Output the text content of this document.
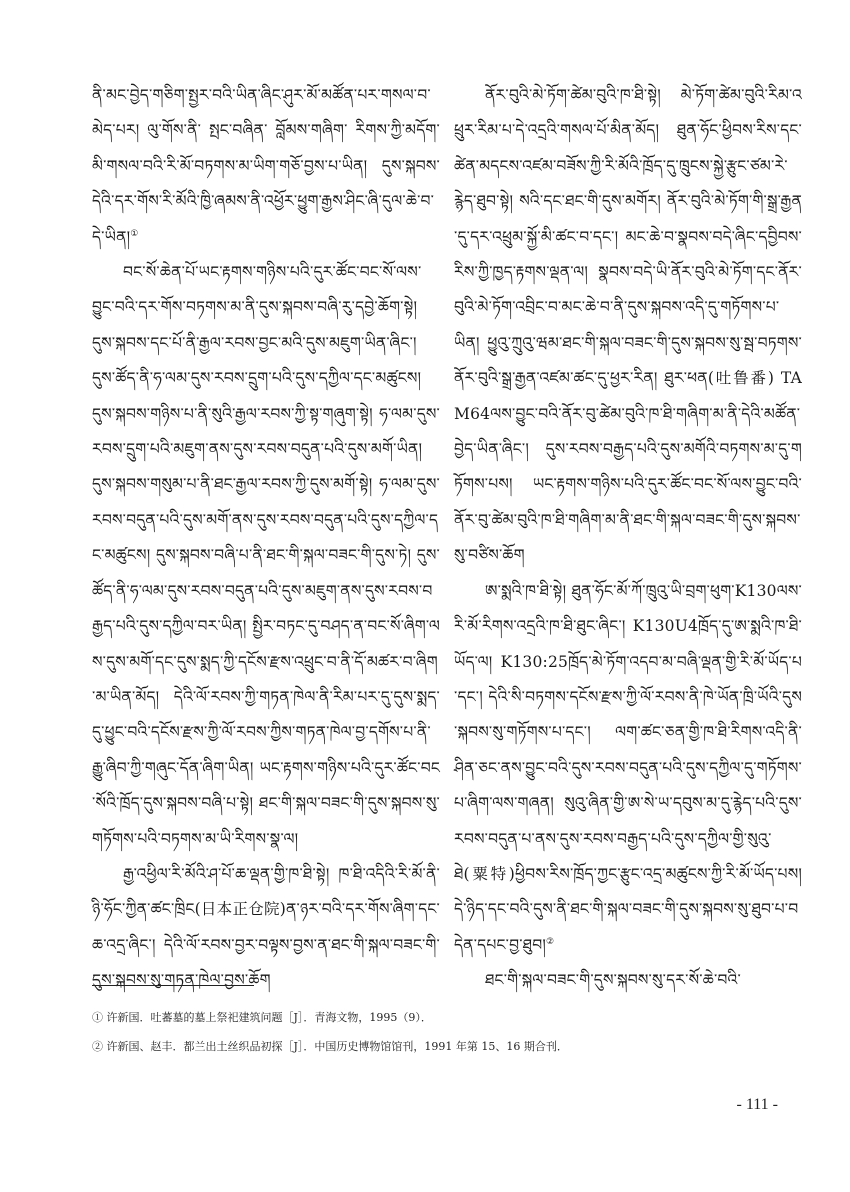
ནི་མང་བྱེད་གཅིག་སྤྱར་བའི་ཡིན་ཞིང་ཤུར་མོ་མཚོན་པར་གསལ་བ་མེད་པར། ལུ་གོས་ནི་ སྤང་བཞིན་ བློམས་གཞིག་ རིགས་ཀྱི་མདོག་མི་གསལ་བའི་རི་མོ་བཏགས་མ་ཡིག་གཅོ་བྱས་པ་ཡིན། དུས་སྐབས་དེའི་དར་གོས་རི་མོའི་ཁྱི་ཞམས་ནི་འཕྱོར་ཕྱུག་རྒྱས་ཤིང་ཞི་དུལ་ཆེ་བ་དེ་ཡིན།①

བང་སོ་ཆེན་པོ་ཡང་རྟགས་གཉིས་པའི་དུར་ཚོང་བང་སོ་ལས་བྱུང་བའི་དར་གོས་བཏགས་མ་ནི་དུས་སྐབས་བཞི་རུ་དབྱེ་ཆོག་སྟེ། དུས་སྐབས་དང་པོ་ནི་རྒྱལ་རབས་བྱང་མའི་དུས་མཇུག་ཡིན་ཞིང་། དུས་ཚོད་ནི་ཧ་ལམ་དུས་རབས་དྲུག་པའི་དུས་དཀྱིལ་དང་མཚུངས། དུས་སྐབས་གཉིས་པ་ནི་སུའི་རྒྱལ་རབས་ཀྱི་སྟ་གཞུག་སྟེ། ཧ་ལམ་དུས་རབས་དྲུག་པའི་མཇུག་ནས་དུས་རབས་བདུན་པའི་དུས་མགོ་ཡིན། དུས་སྐབས་གསུམ་པ་ནི་ཐང་རྒྱལ་རབས་ཀྱི་དུས་མགོ་སྟེ། ཧ་ལམ་དུས་རབས་བདུན་པའི་དུས་མགོ་ནས་དུས་རབས་བདུན་པའི་དུས་དཀྱིལ་དང་མཚུངས། དུས་སྐབས་བཞི་པ་ནི་ཐང་གི་སྐལ་བཟང་གི་དུས་ཏེ། དུས་ཚོད་ནི་ཧ་ལམ་དུས་རབས་བདུན་པའི་དུས་མཇུག་ནས་དུས་རབས་བརྒྱད་པའི་དུས་དཀྱིལ་བར་ཡིན། སྤྱིར་བཏང་དུ་བཤད་ན་བང་སོ་ཞིག་ལས་དུས་མགོ་དང་དུས་སྨད་ཀྱི་དངོས་རྫས་འཕྲུང་བ་ནི་དོ་མཚར་བ་ཞིག་མ་ཡིན་མོད། དེའི་ལོ་རབས་ཀྱི་གཏན་ཁེལ་ནི་རིམ་པར་དུ་དུས་སྨད་དུ་ཕྱུང་བའི་དངོས་རྫས་ཀྱི་ལོ་རབས་ཀྱིས་གཏན་ཁེལ་བྱ་དགོས་པ་ནི་རྒྱུ་ཞིབ་ཀྱི་གཞུང་དོན་ཞིག་ཡིན། ཡང་རྟགས་གཉིས་པའི་དུར་ཚོང་བང་སོའི་ཁྲོད་དུས་སྐབས་བཞི་པ་སྟེ། ཐང་གི་སྐལ་བཟང་གི་དུས་སྐབས་སུ་གཏོགས་པའི་བཏགས་མ་ཡི་རིགས་སྣ་ལ།

རྒྱ་འཕྱིལ་རི་མོའི་ཤ་པོ་ཆ་ལྡན་གྱི་ཁ་ཐི་སྟེ། ཁ་ཐི་འདིའི་རི་མོ་ནི་ཉི་ཧོང་ཀྱིན་ཚང་ཁྲིང(日本正仓院)ན་ཉར་བའི་དར་གོས་ཞིག་དང་ཆ་འདྲ་ཞིང་། དེའི་ལོ་རབས་བྱར་བལྟས་བྱས་ན་ཐང་གི་སྐལ་བཟང་གི་དུས་སྐབས་སུ་གཏན་ཁེལ་བྱས་ཆོག

ནོར་བུའི་མེ་ཏོག་ཚེམ་བུའི་ཁ་ཐི་སྟེ། མེ་ཏོག་ཚེམ་བུའི་རིམ་འཕྲུར་རིམ་པ་དེ་འདྲའི་གསལ་པོ་མིན་མོད། ཐུན་ཧོང་ཕྱིབས་རིས་དང་ཚེན་མདངས་འཛམ་བཟོས་ཀྱི་རི་མོའི་ཁྲོད་དུ་ཁྲུངས་སྐྱེ་རྩུང་ཙམ་རེ་རྙེད་ཐུབ་སྟེ། སའི་དང་ཐང་གི་དུས་མགོར། ནོར་བུའི་མེ་ཏོག་གི་སྒྲ་རྒྱན་དུ་དར་འཕྲུམ་སྐྱོ་མི་ཚང་བ་དང་། མང་ཆེ་བ་སྣབས་བདེ་ཞིང་དབྱིབས་རིས་ཀྱི་ཁྱད་རྟགས་ལྡན་ལ། སྣབས་བདེ་ཡི་ནོར་བུའི་མེ་ཏོག་དང་ནོར་བུའི་མེ་ཏོག་འབྲིང་བ་མང་ཆེ་བ་ནི་དུས་སྐབས་འདི་དུ་གཏོགས་པ་ཡིན། ཕྱུའུ་ཀྲུའུ་ཝམ་ཐང་གི་སྐལ་བཟང་གི་དུས་སྐབས་སུ་སྦ་བཏགས་ནོར་བུའི་སྒྲ་རྒྱན་འཛམ་ཚང་དུ་ཕྱར་རིན། ཐུར་ཕན(吐鲁番) TAM64ལས་བྱུང་བའི་ནོར་བུ་ཚེམ་བུའི་ཁ་ཐི་གཞིག་མ་ནི་དེའི་མཚོན་བྱེད་ཡིན་ཞིང་། དུས་རབས་བརྒྱད་པའི་དུས་མགོའི་བཏགས་མ་དུ་གཏོགས་པས། ཡང་རྟགས་གཉིས་པའི་དུར་ཚོང་བང་སོ་ལས་བྱུང་བའི་ནོར་བུ་ཚེམ་བུའི་ཁ་ཐི་གཞིག་མ་ནི་ཐང་གི་སྐལ་བཟང་གི་དུས་སྐབས་སུ་བཙིས་ཆོག

ཨ་སྨའི་ཁ་ཐི་སྟེ། ཐུན་ཧོང་མོ་ཀོ་ཁྲུའུ་ཡི་བྲག་ཕུག་K130ལས་རི་མོ་རིགས་འདྲའི་ཁ་ཐི་ཐུང་ཞིང་། K130U4ཁྲོད་དུ་ཨ་སྨའི་ཁ་ཐི་ཡོད་ལ། K130:25ཁྲོད་མེ་ཏོག་འདབ་མ་བཞི་ལྡན་གྱི་རི་མོ་ཡོད་པ་དང་། དེའི་སི་བཏགས་དངོས་རྫས་ཀྱི་ལོ་རབས་ནི་ཁེ་ཡོན་ཁྲི་ཡོའི་དུས་སྐབས་སུ་གཏོགས་པ་དང་། ལག་ཚང་ཅན་གྱི་ཁ་ཐི་རིགས་འདི་ནི་ཤིན་ཅང་ནས་བྱུང་བའི་དུས་རབས་བདུན་པའི་དུས་དཀྱིལ་དུ་གཏོགས་པ་ཞིག་ལས་གཞན། སུའུ་ཞིན་གྱི་ཨ་སེ་ཡ་དབུས་མ་དུ་རྙེད་པའི་དུས་རབས་བདུན་པ་ནས་དུས་རབས་བརྒྱད་པའི་དུས་དཀྱིལ་གྱི་སུའུ་ཐེ(粟特)ཕྱིབས་རིས་ཁྲོད་ཀྱང་རྩུང་འདྲ་མཚུངས་ཀྱི་རི་མོ་ཡོད་པས། དེ་ཉིད་དང་བའི་དུས་ནི་ཐང་གི་སྐལ་བཟང་གི་དུས་སྐབས་སུ་ཐུབ་པ་བདེན་དཔང་བྱ་ཐུབ།②

ཐང་གི་སྐལ་བཟང་གི་དུས་སྐབས་སུ་དར་སོ་ཆེ་བའི་

① 许新国．吐蕃墓的墓上祭祀建筑问题［J］．青海文物，1995（9）．
② 许新国、赵丰．都兰出土丝织品初探［J］．中国历史博物馆馆刊，1991 年第 15、16 期合刊．
- 111 -
